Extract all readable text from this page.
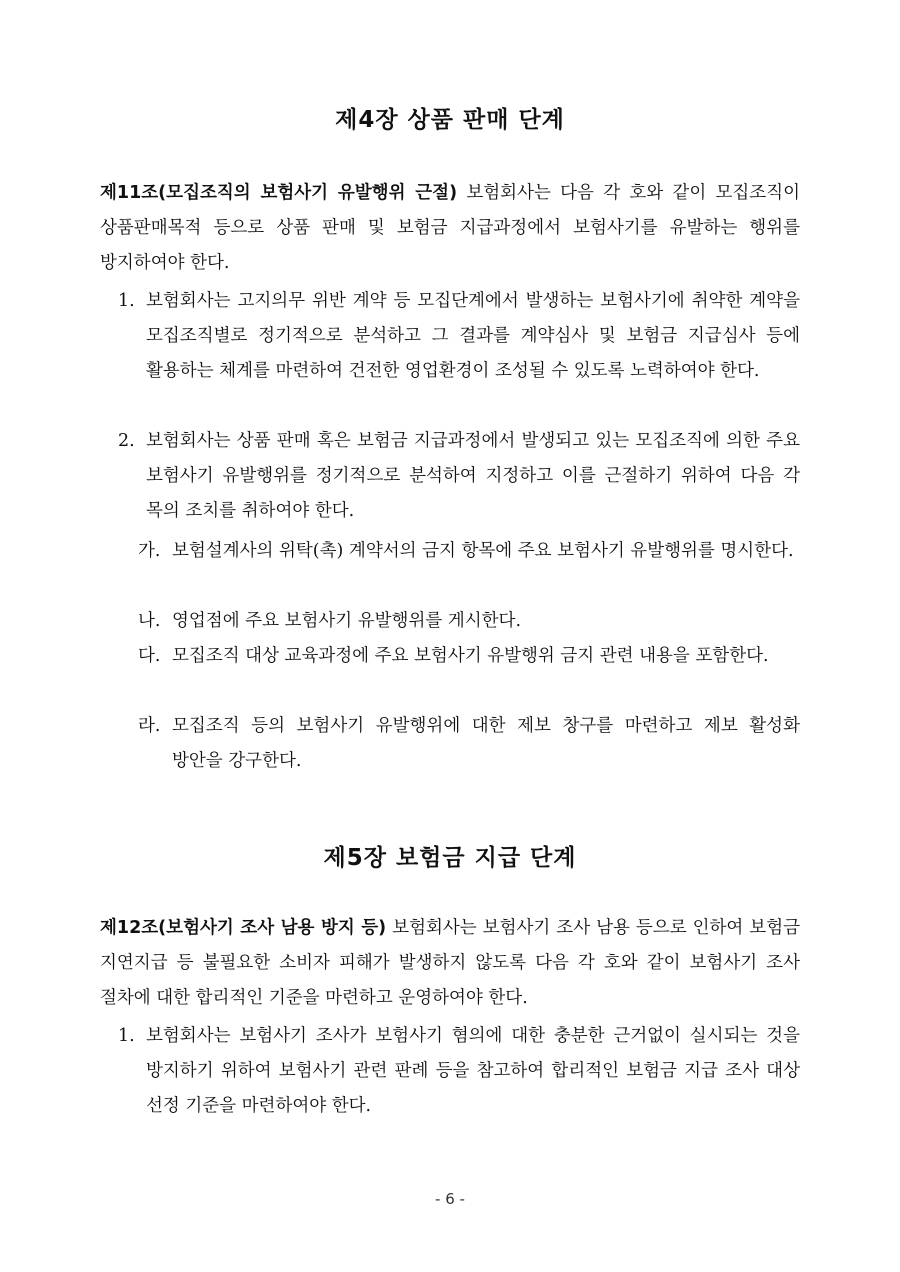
제4장 상품 판매 단계
제11조(모집조직의 보험사기 유발행위 근절) 보험회사는 다음 각 호와 같이 모집조직이 상품판매목적 등으로 상품 판매 및 보험금 지급과정에서 보험사기를 유발하는 행위를 방지하여야 한다.
1. 보험회사는 고지의무 위반 계약 등 모집단계에서 발생하는 보험사기에 취약한 계약을 모집조직별로 정기적으로 분석하고 그 결과를 계약심사 및 보험금 지급심사 등에 활용하는 체계를 마련하여 건전한 영업환경이 조성될 수 있도록 노력하여야 한다.
2. 보험회사는 상품 판매 혹은 보험금 지급과정에서 발생되고 있는 모집조직에 의한 주요 보험사기 유발행위를 정기적으로 분석하여 지정하고 이를 근절하기 위하여 다음 각 목의 조치를 취하여야 한다.
가. 보험설계사의 위탁(촉) 계약서의 금지 항목에 주요 보험사기 유발행위를 명시한다.
나. 영업점에 주요 보험사기 유발행위를 게시한다.
다. 모집조직 대상 교육과정에 주요 보험사기 유발행위 금지 관련 내용을 포함한다.
라. 모집조직 등의 보험사기 유발행위에 대한 제보 창구를 마련하고 제보 활성화 방안을 강구한다.
제5장 보험금 지급 단계
제12조(보험사기 조사 남용 방지 등) 보험회사는 보험사기 조사 남용 등으로 인하여 보험금 지연지급 등 불필요한 소비자 피해가 발생하지 않도록 다음 각 호와 같이 보험사기 조사 절차에 대한 합리적인 기준을 마련하고 운영하여야 한다.
1. 보험회사는 보험사기 조사가 보험사기 혐의에 대한 충분한 근거없이 실시되는 것을 방지하기 위하여 보험사기 관련 판례 등을 참고하여 합리적인 보험금 지급 조사 대상 선정 기준을 마련하여야 한다.
- 6 -
